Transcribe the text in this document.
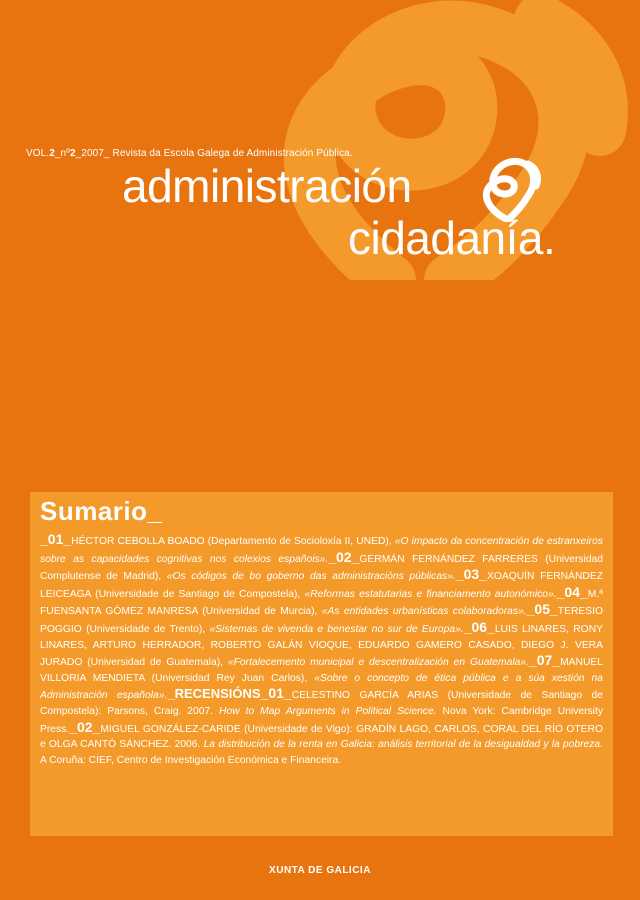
VOL.2_nº2_2007_ Revista da Escola Galega de Administración Pública.
administración
cidadanía.
Sumario_
_01_HÉCTOR CEBOLLA BOADO (Departamento de Socioloxía II, UNED), «O impacto da concentración de estranxeiros sobre as capacidades cognitivas nos colexios españois»._02_GERMÁN FERNÁNDEZ FARRERES (Universidad Complutense de Madrid), «Os códigos de bo goberno das administracións públicas»._03_XOAQUÍN FERNÁNDEZ LEICEAGA (Universidade de Santiago de Compostela), «Reformas estatutarias e financiamento autonómico»._04_M.ª FUENSANTA GÓMEZ MANRESA (Universidad de Murcia), «As entidades urbanísticas colaboradoras»._05_TERESIO POGGIO (Universidade de Trento), «Sistemas de vivenda e benestar no sur de Europa»._06_LUIS LINARES, RONY LINARES, ARTURO HERRADOR, ROBERTO GALÁN VIOQUE, EDUARDO GAMERO CASADO, DIEGO J. VERA JURADO (Universidad de Guatemala), «Fortalecemento municipal e descentralización en Guatemala»._07_MANUEL VILLORIA MENDIETA (Universidad Rey Juan Carlos), «Sobre o concepto de ética pública e a súa xestión na Administración española»._RECENSIÓNS_01_CELESTINO GARCÍA ARIAS (Universidade de Santiago de Compostela): Parsons, Craig. 2007. How to Map Arguments in Political Science. Nova York: Cambridge University Press._02_MIGUEL GONZÁLEZ-CARIDE (Universidade de Vigo): GRADÍN LAGO, CARLOS, CORAL DEL RÍO OTERO e OLGA CANTÓ SÁNCHEZ. 2006. La distribución de la renta en Galicia: análisis territorial de la desigualdad y la pobreza. A Coruña: CIEF, Centro de Investigación Económica e Financeira.
XUNTA DE GALICIA
